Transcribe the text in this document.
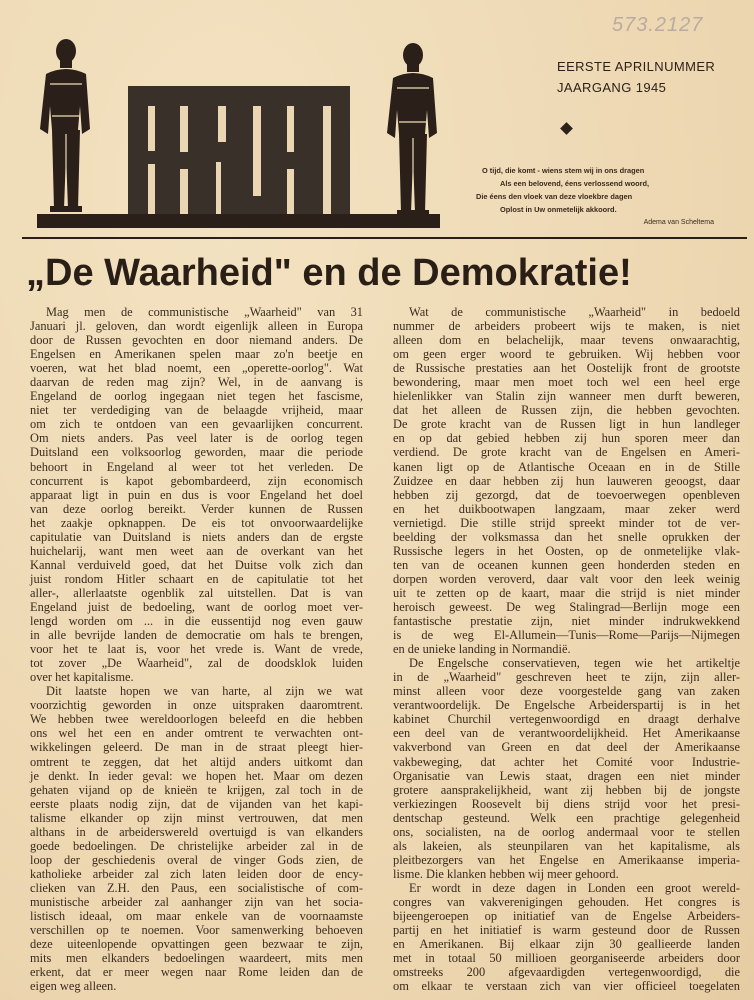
573.2127
EERSTE APRILNUMMER
JAARGANG 1945
O tijd, die komt - wiens stem wij in ons dragen
Als een belovend, éens verlossend woord,
Die éens den vloek van deze vloekbre dagen
Oplost in Uw onmetelijk akkoord.
Adema van Scheltema
„De Waarheid" en de Demokratie!
Mag men de communistische „Waarheid" van 31
Januari jl. geloven, dan wordt eigenlijk alleen in Europa
door de Russen gevochten en door niemand anders. De
Engelsen en Amerikanen spelen maar zo'n beetje en
voeren, wat het blad noemt, een „operette-oorlog". Wat
daarvan de reden mag zijn? Wel, in de aanvang is
Engeland de oorlog ingegaan niet tegen het fascisme,
niet ter verdediging van de belaagde vrijheid, maar
om zich te ontdoen van een gevaarlijken concurrent.
Om niets anders. Pas veel later is de oorlog tegen
Duitsland een volksoorlog geworden, maar die periode
behoort in Engeland al weer tot het verleden. De
concurrent is kapot gebombardeerd, zijn economisch
apparaat ligt in puin en dus is voor Engeland het doel
van deze oorlog bereikt. Verder kunnen de Russen
het zaakje opknappen. De eis tot onvoorwaardelijke
capitulatie van Duitsland is niets anders dan de ergste
huichelarij, want men weet aan de overkant van het
Kannal verduiveld goed, dat het Duitse volk zich dan
juist rondom Hitler schaart en de capitulatie tot het
aller-, allerlaatste ogenblik zal uitstellen. Dat is van
Engeland juist de bedoeling, want de oorlog moet ver-
lengd worden om ... in die eussentijd nog even gauw
in alle bevrijde landen de democratie om hals te brengen,
voor het te laat is, voor het vrede is. Want de vrede,
tot zover „De Waarheid", zal de doodsklok luiden
over het kapitalisme.
Dit laatste hopen we van harte, al zijn we wat
voorzichtig geworden in onze uitspraken daaromtrent.
We hebben twee wereldoorlogen beleefd en die hebben
ons wel het een en ander omtrent te verwachten ont-
wikkelingen geleerd. De man in de straat pleegt hier-
omtrent te zeggen, dat het altijd anders uitkomt dan
je denkt. In ieder geval: we hopen het. Maar om dezen
gehaten vijand op de knieën te krijgen, zal toch in de
eerste plaats nodig zijn, dat de vijanden van het kapi-
talisme elkander op zijn minst vertrouwen, dat men
althans in de arbeiderswereld overtuigd is van elkanders
goede bedoelingen. De christelijke arbeider zal in de
loop der geschiedenis overal de vinger Gods zien, de
katholieke arbeider zal zich laten leiden door de ency-
clieken van Z.H. den Paus, een socialistische of com-
munistische arbeider zal aanhanger zijn van het socia-
listisch ideaal, om maar enkele van de voornaamste
verschillen op te noemen. Voor samenwerking behoeven
deze uiteenlopende opvattingen geen bezwaar te zijn,
mits men elkanders bedoelingen waardeert, mits men
erkent, dat er meer wegen naar Rome leiden dan de
eigen weg alleen.
Wat de communistische „Waarheid" in bedoeld
nummer de arbeiders probeert wijs te maken, is niet
alleen dom en belachelijk, maar tevens onwaarachtig,
om geen erger woord te gebruiken. Wij hebben voor
de Russische prestaties aan het Oostelijk front de grootste
bewondering, maar men moet toch wel een heel erge
hielenlikker van Stalin zijn wanneer men durft beweren,
dat het alleen de Russen zijn, die hebben gevochten.
De grote kracht van de Russen ligt in hun landleger
en op dat gebied hebben zij hun sporen meer dan
verdiend. De grote kracht van de Engelsen en Ameri-
kanen ligt op de Atlantische Oceaan en in de Stille
Zuidzee en daar hebben zij hun lauweren geoogst, daar
hebben zij gezorgd, dat de toevoerwegen openbleven
en het duikbootwapen langzaam, maar zeker werd
vernietigd. Die stille strijd spreekt minder tot de ver-
beelding der volksmassa dan het snelle oprukken der
Russische legers in het Oosten, op de onmetelijke vlak-
ten van de oceanen kunnen geen honderden steden en
dorpen worden veroverd, daar valt voor den leek weinig
uit te zetten op de kaart, maar die strijd is niet minder
heroisch geweest. De weg Stalingrad—Berlijn moge een
fantastische prestatie zijn, niet minder indrukwekkend
is de weg El-Allumein—Tunis—Rome—Parijs—Nijmegen
en de unieke landing in Normandië.
De Engelsche conservatieven, tegen wie het artikeltje
in de „Waarheid" geschreven heet te zijn, zijn aller-
minst alleen voor deze voorgestelde gang van zaken
verantwoordelijk. De Engelsche Arbeiderspartij is in het
kabinet Churchil vertegenwoordigd en draagt derhalve
een deel van de verantwoordelijkheid. Het Amerikaanse
vakverbond van Green en dat deel der Amerikaanse
vakbeweging, dat achter het Comité voor Industrie-
Organisatie van Lewis staat, dragen een niet minder
grotere aansprakelijkheid, want zij hebben bij de jongste
verkiezingen Roosevelt bij diens strijd voor het presi-
dentschap gesteund. Welk een prachtige gelegenheid
ons, socialisten, na de oorlog andermaal voor te stellen
als lakeien, als steunpilaren van het kapitalisme, als
pleitbezorgers van het Engelse en Amerikaanse imperia-
lisme. Die klanken hebben wij meer gehoord.
Er wordt in deze dagen in Londen een groot wereld-
congres van vakverenigingen gehouden. Het congres is
bijeengeroepen op initiatief van de Engelse Arbeiders-
partij en het initiatief is warm gesteund door de Russen
en Amerikanen. Bij elkaar zijn 30 geallieerde landen
met in totaal 50 millioen georganiseerde arbeiders door
omstreeks 200 afgevaardigden vertegenwoordigd, die
om elkaar te verstaan zich van vier officieel toegelaten
